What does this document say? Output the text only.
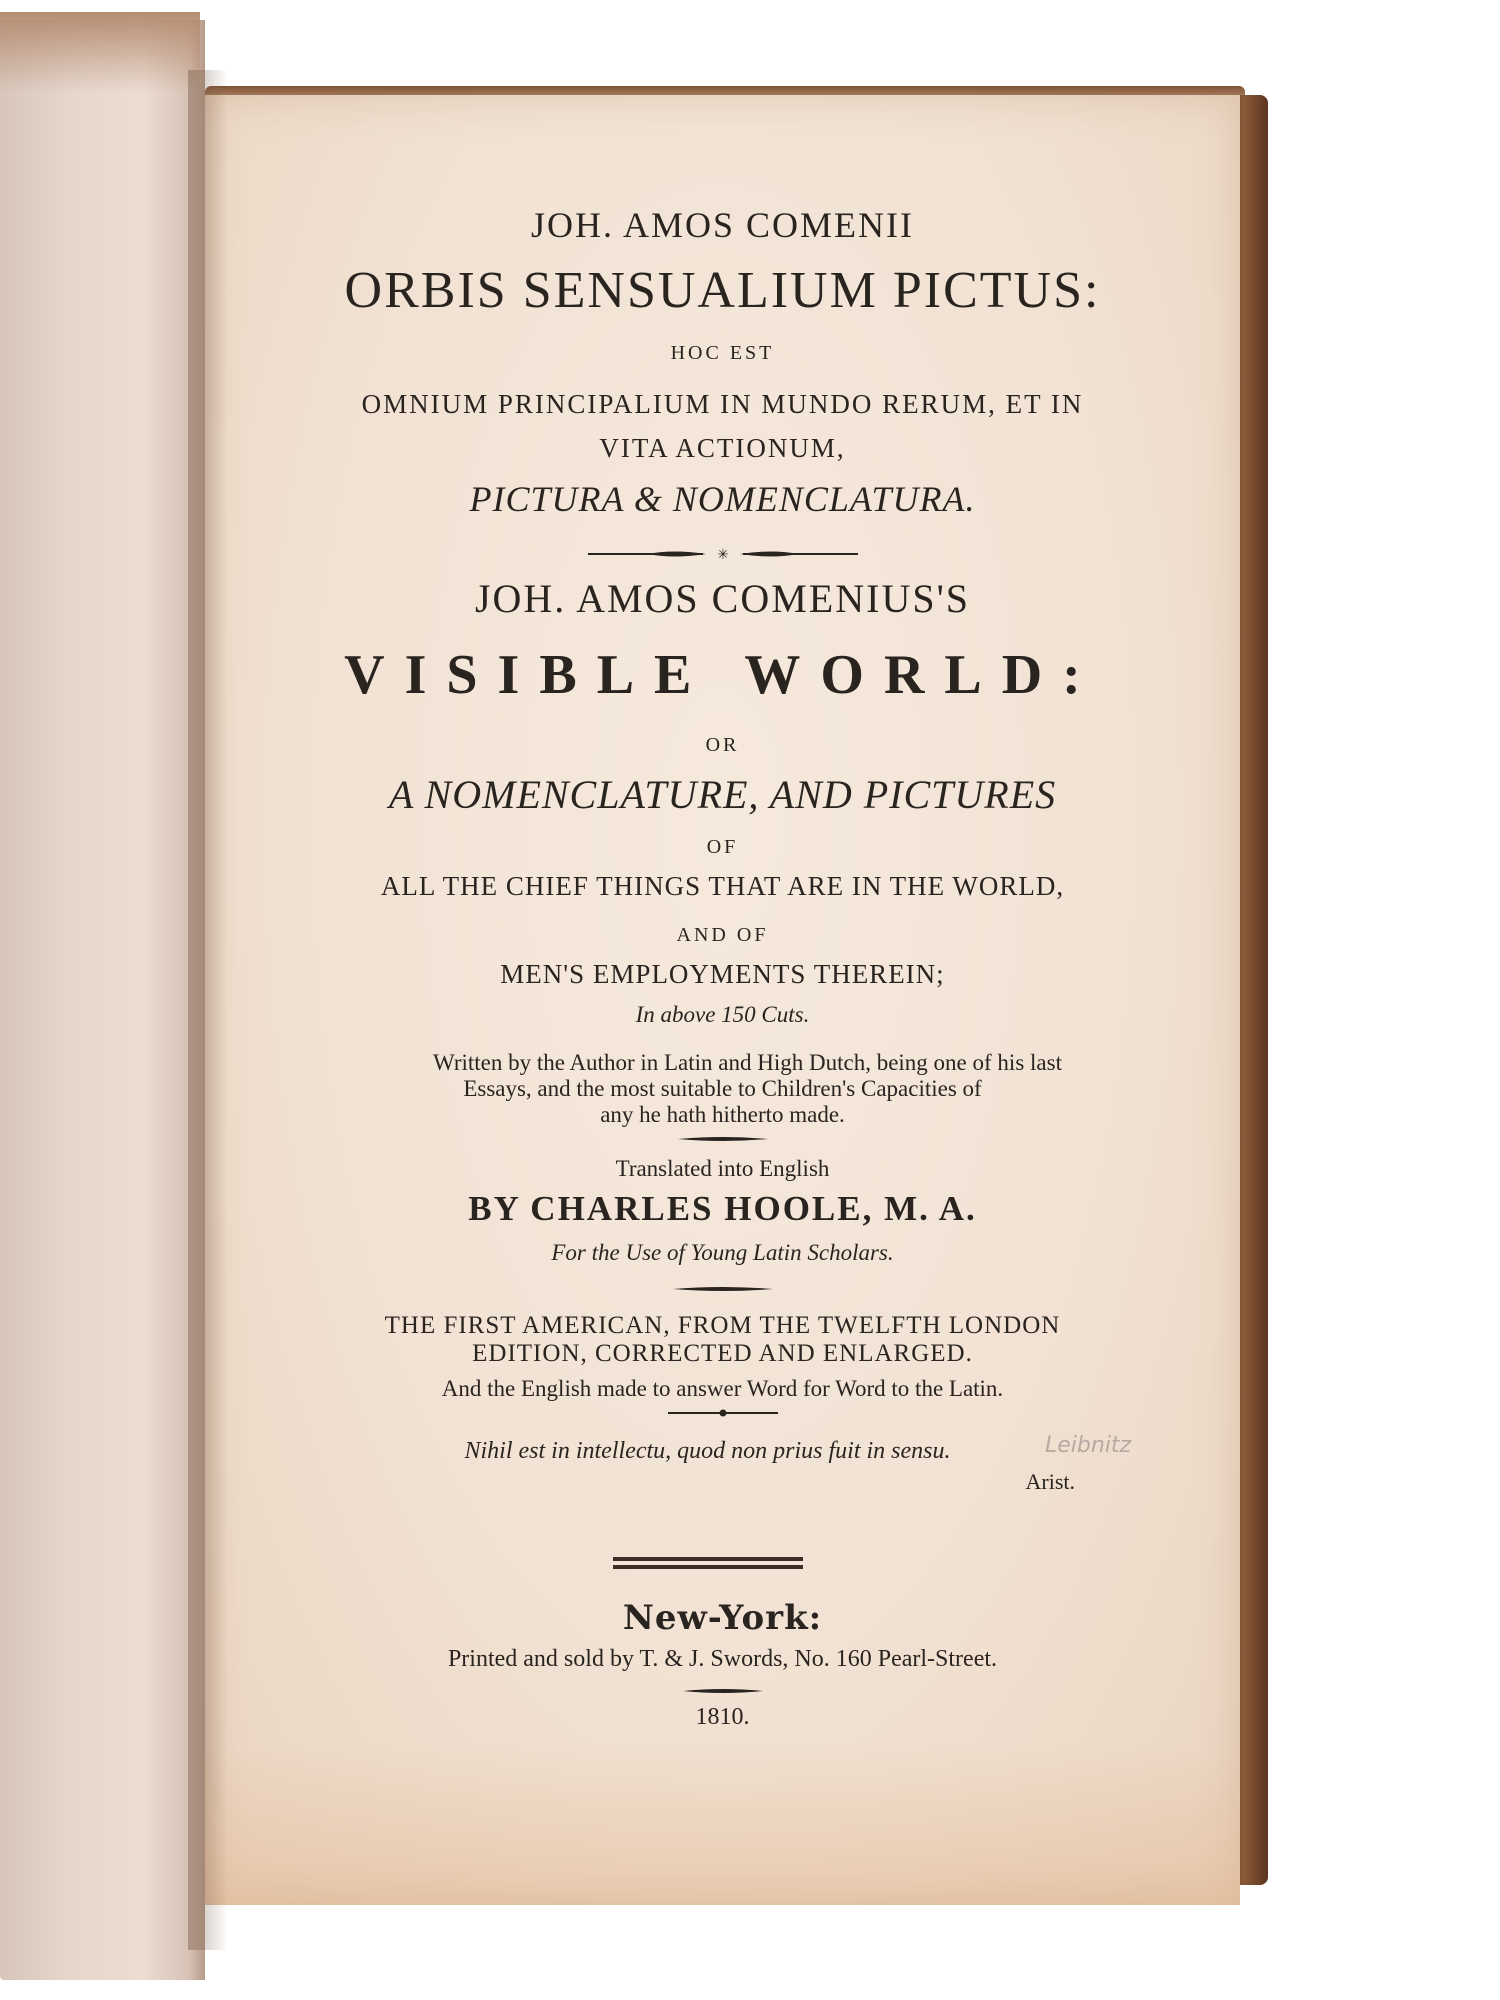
JOH. AMOS COMENII
ORBIS SENSUALIUM PICTUS:
HOC EST
OMNIUM PRINCIPALIUM IN MUNDO RERUM, ET IN
VITA ACTIONUM,
PICTURA & NOMENCLATURA.
✳
JOH. AMOS COMENIUS'S
VISIBLE WORLD:
OR
A NOMENCLATURE, AND PICTURES
OF
ALL THE CHIEF THINGS THAT ARE IN THE WORLD,
AND OF
MEN'S EMPLOYMENTS THEREIN;
In above 150 Cuts.
Written by the Author in Latin and High Dutch, being one of his last
Essays, and the most suitable to Children's Capacities of
any he hath hitherto made.
Translated into English
BY CHARLES HOOLE, M. A.
For the Use of Young Latin Scholars.
THE FIRST AMERICAN, FROM THE TWELFTH LONDON
EDITION, CORRECTED AND ENLARGED.
And the English made to answer Word for Word to the Latin.
Nihil est in intellectu, quod non prius fuit in sensu.	Leibnitz
Arist.
New-York:
Printed and sold by T. & J. Swords, No. 160 Pearl-Street.
1810.
